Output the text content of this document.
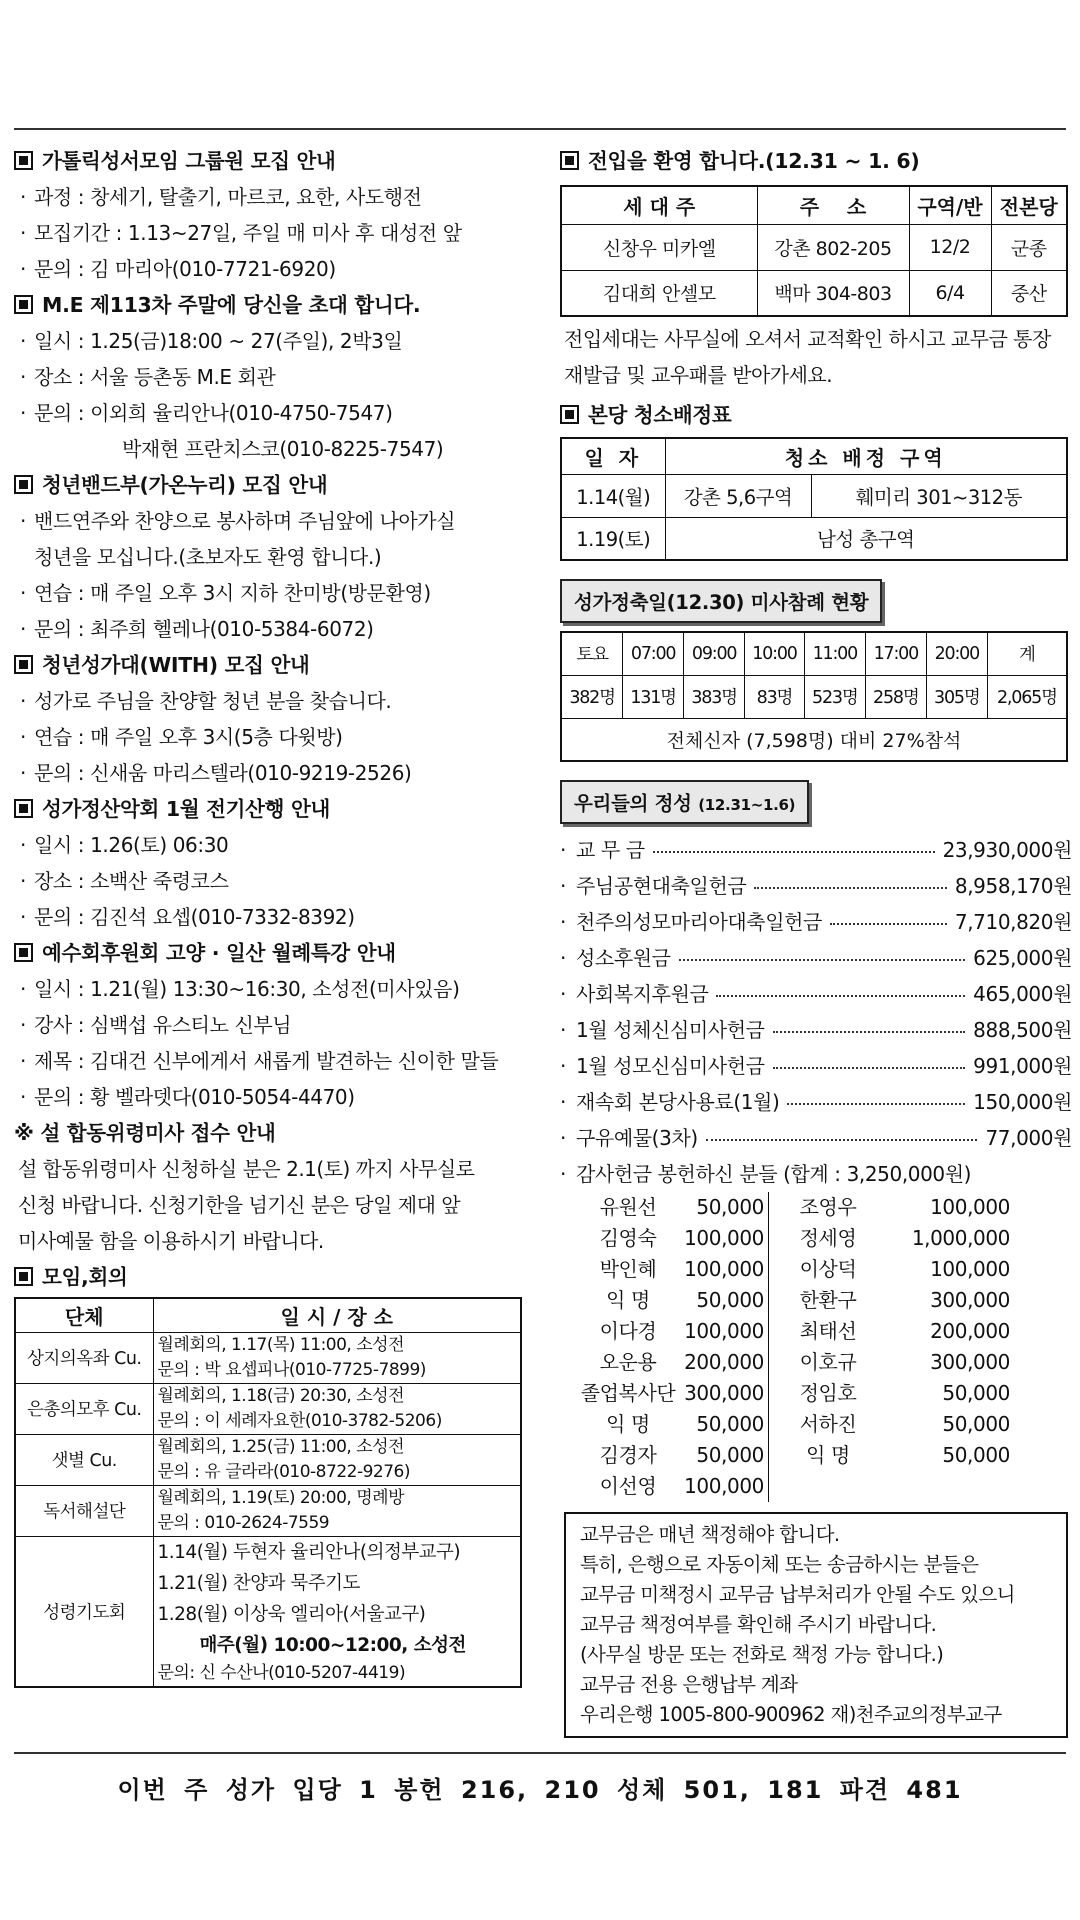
가톨릭성서모임 그룹원 모집 안내
· 과정 : 창세기, 탈출기, 마르코, 요한, 사도행전
· 모집기간 : 1.13~27일, 주일 매 미사 후 대성전 앞
· 문의 : 김 마리아(010-7721-6920)
M.E 제113차 주말에 당신을 초대 합니다.
· 일시 : 1.25(금)18:00 ~ 27(주일), 2박3일
· 장소 : 서울 등촌동 M.E 회관
· 문의 : 이외희 율리안나(010-4750-7547)
박재현 프란치스코(010-8225-7547)
청년밴드부(가온누리) 모집 안내
· 밴드연주와 찬양으로 봉사하며 주님앞에 나아가실
청년을 모십니다.(초보자도 환영 합니다.)
· 연습 : 매 주일 오후 3시 지하 찬미방(방문환영)
· 문의 : 최주희 헬레나(010-5384-6072)
청년성가대(WITH) 모집 안내
· 성가로 주님을 찬양할 청년 분을 찾습니다.
· 연습 : 매 주일 오후 3시(5층 다윗방)
· 문의 : 신새움 마리스텔라(010-9219-2526)
성가정산악회 1월 전기산행 안내
· 일시 : 1.26(토) 06:30
· 장소 : 소백산 죽령코스
· 문의 : 김진석 요셉(010-7332-8392)
예수회후원회 고양 · 일산 월례특강 안내
· 일시 : 1.21(월) 13:30~16:30, 소성전(미사있음)
· 강사 : 심백섭 유스티노 신부님
· 제목 : 김대건 신부에게서 새롭게 발견하는 신이한 말들
· 문의 : 황 벨라뎃다(010-5054-4470)
※ 설 합동위령미사 접수 안내
설 합동위령미사 신청하실 분은 2.1(토) 까지 사무실로
신청 바랍니다. 신청기한을 넘기신 분은 당일 제대 앞
미사예물 함을 이용하시기 바랍니다.
모임,회의
단체	일 시 / 장 소
상지의옥좌 Cu.	월례회의, 1.17(목) 11:00, 소성전
문의 : 박 요셉피나(010-7725-7899)

은총의모후 Cu.	월례회의, 1.18(금) 20:30, 소성전
문의 : 이 세례자요한(010-3782-5206)

샛별 Cu.	월례회의, 1.25(금) 11:00, 소성전
문의 : 유 글라라(010-8722-9276)

독서해설단	월례회의, 1.19(토) 20:00, 명례방
문의 : 010-2624-7559

성령기도회	1.14(월) 두현자 율리안나(의정부교구)
1.21(월) 찬양과 묵주기도
1.28(월) 이상욱 엘리아(서울교구)
매주(월) 10:00~12:00, 소성전
문의: 신 수산나(010-5207-4419)
전입을 환영 합니다.(12.31 ~ 1. 6)
세 대 주	주    소	구역/반	전본당
신창우 미카엘	강촌 802-205	12/2	군종
김대희 안셀모	백마 304-803	6/4	중산
전입세대는 사무실에 오셔서 교적확인 하시고 교무금 통장
재발급 및 교우패를 받아가세요.
본당 청소배정표
일 자	청소 배정 구역	
1.14(월)	강촌 5,6구역	훼미리 301~312동
1.19(토)	남성 총구역	
성가정축일(12.30) 미사참례 현황
토요	07:00	09:00	10:00	11:00	17:00	20:00	계
382명	131명	383명	83명	523명	258명	305명	2,065명
전체신자 (7,598명) 대비 27%참석							
우리들의 정성 (12.31~1.6)
· 교 무 금	23,930,000원
· 주님공현대축일헌금	8,958,170원
· 천주의성모마리아대축일헌금	7,710,820원
· 성소후원금	625,000원
· 사회복지후원금	465,000원
· 1월 성체신심미사헌금	888,500원
· 1월 성모신심미사헌금	991,000원
· 재속회 본당사용료(1월)	150,000원
· 구유예물(3차)	77,000원
· 감사헌금 봉헌하신 분들 (합계 : 3,250,000원)
유원선	50,000	조영우	100,000
김영숙	100,000	정세영	1,000,000
박인혜	100,000	이상덕	100,000
익 명	50,000	한환구	300,000
이다경	100,000	최태선	200,000
오운용	200,000	이호규	300,000
졸업복사단 300,000	정임호	50,000
익 명	50,000	서하진	50,000
김경자	50,000	익 명	50,000
이선영	100,000
교무금은 매년 책정해야 합니다.
특히, 은행으로 자동이체 또는 송금하시는 분들은
교무금 미책정시 교무금 납부처리가 안될 수도 있으니
교무금 책정여부를 확인해 주시기 바랍니다.
(사무실 방문 또는 전화로 책정 가능 합니다.)
교무금 전용 은행납부 계좌
우리은행 1005-800-900962 재)천주교의정부교구
이번 주 성가 입당 1 봉헌 216, 210 성체 501, 181 파견 481
